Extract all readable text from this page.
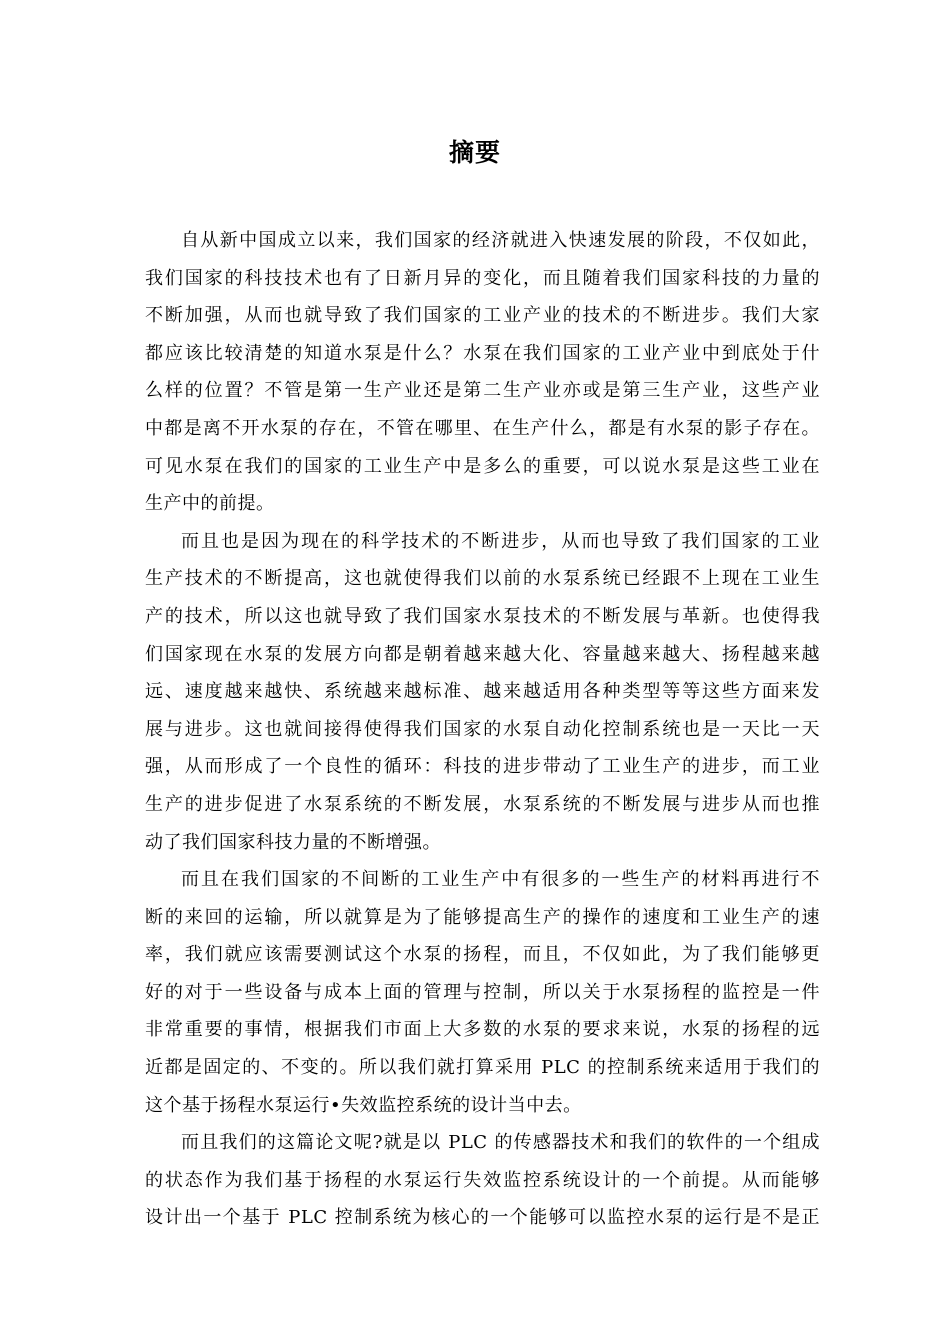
摘要
自从新中国成立以来，我们国家的经济就进入快速发展的阶段，不仅如此，
我们国家的科技技术也有了日新月异的变化，而且随着我们国家科技的力量的
不断加强，从而也就导致了我们国家的工业产业的技术的不断进步。我们大家
都应该比较清楚的知道水泵是什么？水泵在我们国家的工业产业中到底处于什
么样的位置？不管是第一生产业还是第二生产业亦或是第三生产业，这些产业
中都是离不开水泵的存在，不管在哪里、在生产什么，都是有水泵的影子存在。
可见水泵在我们的国家的工业生产中是多么的重要，可以说水泵是这些工业在
生产中的前提。
而且也是因为现在的科学技术的不断进步，从而也导致了我们国家的工业
生产技术的不断提高，这也就使得我们以前的水泵系统已经跟不上现在工业生
产的技术，所以这也就导致了我们国家水泵技术的不断发展与革新。也使得我
们国家现在水泵的发展方向都是朝着越来越大化、容量越来越大、扬程越来越
远、速度越来越快、系统越来越标准、越来越适用各种类型等等这些方面来发
展与进步。这也就间接得使得我们国家的水泵自动化控制系统也是一天比一天
强，从而形成了一个良性的循环：科技的进步带动了工业生产的进步，而工业
生产的进步促进了水泵系统的不断发展，水泵系统的不断发展与进步从而也推
动了我们国家科技力量的不断增强。
而且在我们国家的不间断的工业生产中有很多的一些生产的材料再进行不
断的来回的运输，所以就算是为了能够提高生产的操作的速度和工业生产的速
率，我们就应该需要测试这个水泵的扬程，而且，不仅如此，为了我们能够更
好的对于一些设备与成本上面的管理与控制，所以关于水泵扬程的监控是一件
非常重要的事情，根据我们市面上大多数的水泵的要求来说，水泵的扬程的远
近都是固定的、不变的。所以我们就打算采用 PLC 的控制系统来适用于我们的
这个基于扬程水泵运行•失效监控系统的设计当中去。
而且我们的这篇论文呢?就是以 PLC 的传感器技术和我们的软件的一个组成
的状态作为我们基于扬程的水泵运行失效监控系统设计的一个前提。从而能够
设计出一个基于 PLC 控制系统为核心的一个能够可以监控水泵的运行是不是正
